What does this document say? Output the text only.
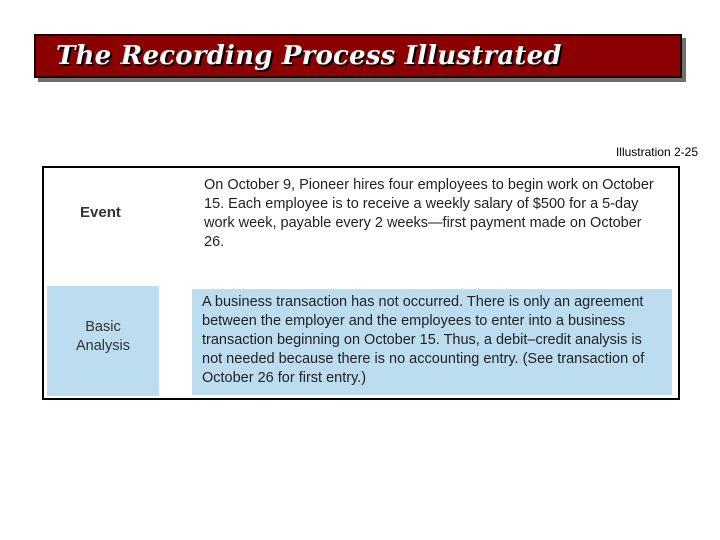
The Recording Process Illustrated
Illustration 2-25
Event
On October 9, Pioneer hires four employees to begin work on October 15. Each employee is to receive a weekly salary of $500 for a 5-day work week, payable every 2 weeks—first payment made on October 26.
Basic
Analysis
A business transaction has not occurred. There is only an agreement between the employer and the employees to enter into a business transaction beginning on October 15. Thus, a debit–credit analysis is not needed because there is no accounting entry. (See transaction of October 26 for first entry.)
